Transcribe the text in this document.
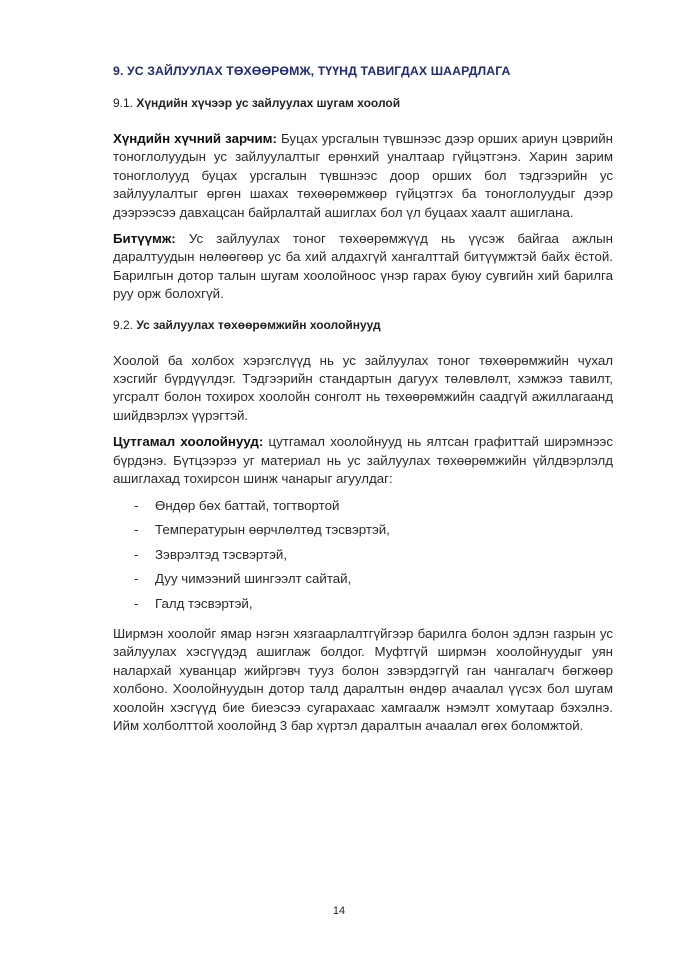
9. УС ЗАЙЛУУЛАХ ТӨХӨӨРӨМЖ, ТҮҮНД ТАВИГДАХ ШААРДЛАГА
9.1. Хүндийн хүчээр ус зайлуулах шугам хоолой

Хүндийн хүчний зарчим: Буцах урсгалын түвшнээс дээр орших ариун цэврийн тоноглолуудын ус зайлуулалтыг ерөнхий уналтаар гүйцэтгэнэ. Харин зарим тоноглолууд буцах урсгалын түвшнээс доор орших бол тэдгээрийн ус зайлуулалтыг өргөн шахах төхөөрөмжөөр гүйцэтгэх ба тоноглолуудыг дээр дээрээсээ давхацсан байрлалтай ашиглах бол үл буцаах хаалт ашиглана.

Битүүмж: Ус зайлуулах тоног төхөөрөмжүүд нь үүсэж байгаа ажлын даралтуудын нөлөөгөөр ус ба хий алдахгүй хангалттай битүүмжтэй байх ёстой. Барилгын дотор талын шугам хоолойноос үнэр гарах буюу сувгийн хий барилга руу орж болохгүй.

9.2. Ус зайлуулах төхөөрөмжийн хоолойнууд

Хоолой ба холбох хэрэгслүүд нь ус зайлуулах тоног төхөөрөмжийн чухал хэсгийг бүрдүүлдэг. Тэдгээрийн стандартын дагуух төлөвлөлт, хэмжээ тавилт, угсралт болон тохирох хоолойн сонголт нь төхөөрөмжийн саадгүй ажиллагаанд шийдвэрлэх үүрэгтэй.

Цутгамал хоолойнууд: цутгамал хоолойнууд нь ялтсан графиттай ширэмнээс бүрдэнэ. Бүтцээрээ уг материал нь ус зайлуулах төхөөрөмжийн үйлдвэрлэлд ашиглахад тохирсон шинж чанарыг агуулдаг:

- Өндөр бөх баттай, тогтвортой
- Температурын өөрчлөлтөд тэсвэртэй,
- Зэврэлтэд тэсвэртэй,
- Дуу чимээний шингээлт сайтай,
- Галд тэсвэртэй,

Ширмэн хоолойг ямар нэгэн хязгаарлалтгүйгээр барилга болон эдлэн газрын ус зайлуулах хэсгүүдэд ашиглаж болдог. Муфтгүй ширмэн хоолойнуудыг уян налархай хуванцар жийргэвч тууз болон зэвэрдэггүй ган чангалагч бөгжөөр холбоно. Хоолойнуудын дотор талд даралтын өндөр ачаалал үүсэх бол шугам хоолойн хэсгүүд бие биеэсээ сугарахаас хамгаалж нэмэлт хомутаар бэхэлнэ. Ийм холболттой хоолойнд 3 бар хүртэл даралтын ачаалал өгөх боломжтой.

14
